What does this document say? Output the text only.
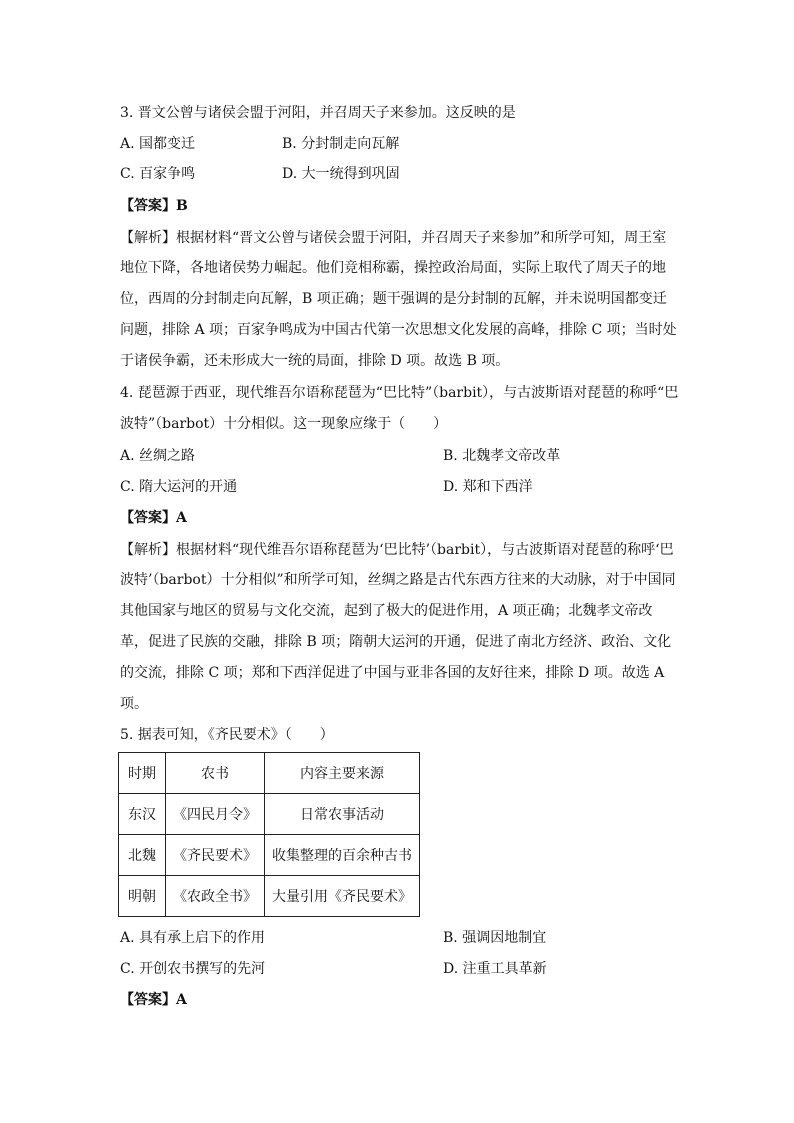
3. 晋文公曾与诸侯会盟于河阳，并召周天子来参加。这反映的是
A. 国都变迁	B. 分封制走向瓦解
C. 百家争鸣	D. 大一统得到巩固
【答案】B
【解析】根据材料“晋文公曾与诸侯会盟于河阳，并召周天子来参加”和所学可知，周王室
地位下降，各地诸侯势力崛起。他们竞相称霸，操控政治局面，实际上取代了周天子的地
位，西周的分封制走向瓦解，B 项正确；题干强调的是分封制的瓦解，并未说明国都变迁
问题，排除 A 项；百家争鸣成为中国古代第一次思想文化发展的高峰，排除 C 项；当时处
于诸侯争霸，还未形成大一统的局面，排除 D 项。故选 B 项。
4. 琵琶源于西亚，现代维吾尔语称琵琶为“巴比特”（barbit），与古波斯语对琵琶的称呼“巴
波特”（barbot）十分相似。这一现象应缘于（　　）
A. 丝绸之路	B. 北魏孝文帝改革
C. 隋大运河的开通	D. 郑和下西洋
【答案】A
【解析】根据材料“现代维吾尔语称琵琶为‘巴比特’（barbit），与古波斯语对琵琶的称呼‘巴
波特’（barbot）十分相似”和所学可知，丝绸之路是古代东西方往来的大动脉，对于中国同
其他国家与地区的贸易与文化交流，起到了极大的促进作用，A 项正确；北魏孝文帝改
革，促进了民族的交融，排除 B 项；隋朝大运河的开通，促进了南北方经济、政治、文化
的交流，排除 C 项；郑和下西洋促进了中国与亚非各国的友好往来，排除 D 项。故选 A
项。
5. 据表可知，《齐民要术》（　　）
时期	农书	内容主要来源
东汉	《四民月令》	日常农事活动
北魏	《齐民要术》	收集整理的百余种古书
明朝	《农政全书》	大量引用《齐民要术》
A. 具有承上启下的作用	B. 强调因地制宜
C. 开创农书撰写的先河	D. 注重工具革新
【答案】A
